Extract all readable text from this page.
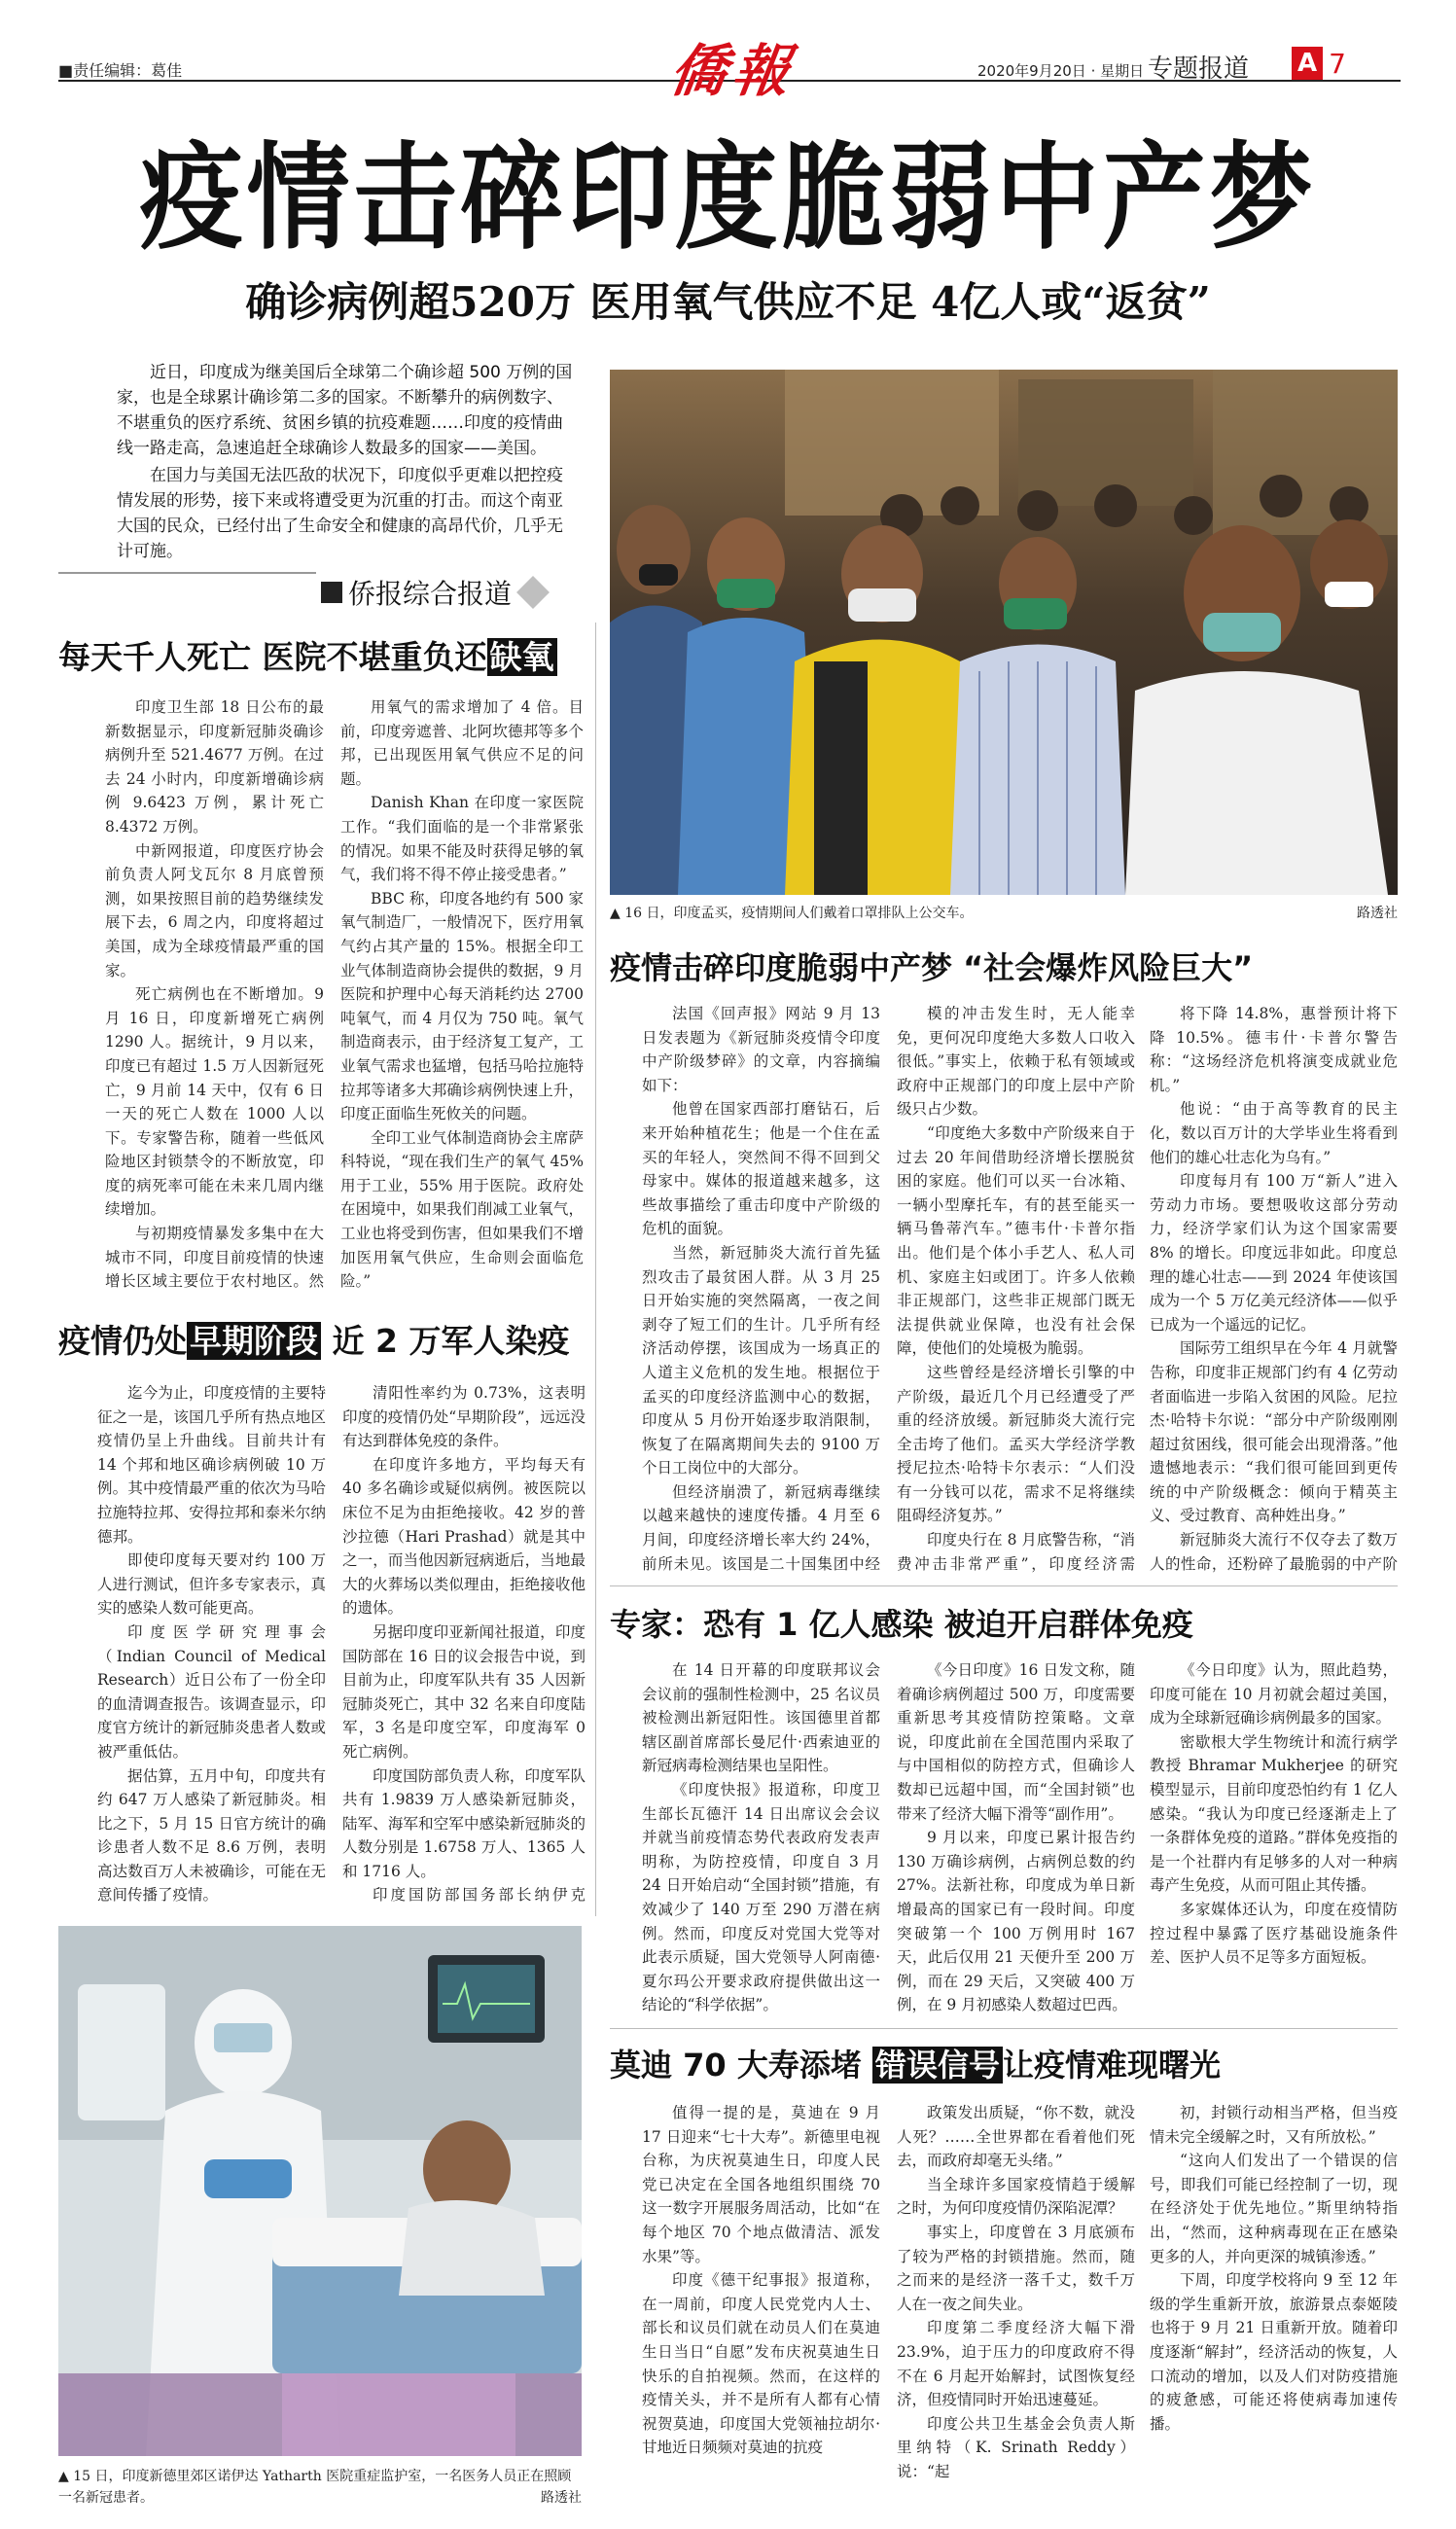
■责任编辑：葛佳	僑報	2020年9月20日 · 星期日 专题报道 A 7
疫情击碎印度脆弱中产梦
确诊病例超520万 医用氧气供应不足 4亿人或“返贫”

近日，印度成为继美国后全球第二个确诊超 500 万例的国家，也是全球累计确诊第二多的国家。不断攀升的病例数字、不堪重负的医疗系统、贫困乡镇的抗疫难题……印度的疫情曲线一路走高，急速追赶全球确诊人数最多的国家——美国。

在国力与美国无法匹敌的状况下，印度似乎更难以把控疫情发展的形势，接下来或将遭受更为沉重的打击。而这个南亚大国的民众，已经付出了生命安全和健康的高昂代价，几乎无计可施。

侨报综合报道
▲ 16 日，印度孟买，疫情期间人们戴着口罩排队上公交车。	路透社
每天千人死亡 医院不堪重负还缺氧

印度卫生部 18 日公布的最新数据显示，印度新冠肺炎确诊病例升至 521.4677 万例。在过去 24 小时内，印度新增确诊病例 9.6423 万例，累计死亡 8.4372 万例。

中新网报道，印度医疗协会前负责人阿戈瓦尔 8 月底曾预测，如果按照目前的趋势继续发展下去，6 周之内，印度将超过美国，成为全球疫情最严重的国家。

死亡病例也在不断增加。9 月 16 日，印度新增死亡病例 1290 人。据统计，9 月以来，印度已有超过 1.5 万人因新冠死亡，9 月前 14 天中，仅有 6 日一天的死亡人数在 1000 人以下。专家警告称，随着一些低风险地区封锁禁令的不断放宽，印度的病死率可能在未来几周内继续增加。

与初期疫情暴发多集中在大城市不同，印度目前疫情的快速增长区域主要位于农村地区。然

用氧气的需求增加了 4 倍。目前，印度旁遮普、北阿坎德邦等多个邦，已出现医用氧气供应不足的问题。

Danish Khan 在印度一家医院工作。“我们面临的是一个非常紧张的情况。如果不能及时获得足够的氧气，我们将不得不停止接受患者。”

BBC 称，印度各地约有 500 家氧气制造厂，一般情况下，医疗用氧气约占其产量的 15%。根据全印工业气体制造商协会提供的数据，9 月医院和护理中心每天消耗约达 2700 吨氧气，而 4 月仅为 750 吨。氧气制造商表示，由于经济复工复产，工业氧气需求也猛增，包括马哈拉施特拉邦等诸多大邦确诊病例快速上升，印度正面临生死攸关的问题。

全印工业气体制造商协会主席萨科特说，“现在我们生产的氧气 45% 用于工业，55% 用于医院。政府处在困境中，如果我们削减工业氧气，工业也将受到伤害，但如果我们不增加医用氧气供应，生命则会面临危险。”

疫情仍处早期阶段 近 2 万军人染疫

迄今为止，印度疫情的主要特征之一是，该国几乎所有热点地区疫情仍呈上升曲线。目前共计有 14 个邦和地区确诊病例破 10 万例。其中疫情最严重的依次为马哈拉施特拉邦、安得拉邦和泰米尔纳德邦。

即使印度每天要对约 100 万人进行测试，但许多专家表示，真实的感染人数可能更高。

印度医学研究理事会（Indian Council of Medical Research）近日公布了一份全印的血清调查报告。该调查显示，印度官方统计的新冠肺炎患者人数或被严重低估。

据估算，五月中旬，印度共有约 647 万人感染了新冠肺炎。相比之下，5 月 15 日官方统计的确诊患者人数不足 8.6 万例，表明高达数百万人未被确诊，可能在无意间传播了疫情。

清阳性率约为 0.73%，这表明印度的疫情仍处“早期阶段”，远远没有达到群体免疫的条件。

在印度许多地方，平均每天有 40 多名确诊或疑似病例。被医院以床位不足为由拒绝接收。42 岁的普沙拉德（Hari Prashad）就是其中之一，而当他因新冠病逝后，当地最大的火葬场以类似理由，拒绝接收他的遗体。

另据印度印亚新闻社报道，印度国防部在 16 日的议会报告中说，到目前为止，印度军队共有 35 人因新冠肺炎死亡，其中 32 名来自印度陆军，3 名是印度空军，印度海军 0 死亡病例。

印度国防部负责人称，印度军队共有 1.9839 万人感染新冠肺炎，陆军、海军和空军中感染新冠肺炎的人数分别是 1.6758 万人、1365 人和 1716 人。

印度国防部国务部长纳伊克

▲ 15 日，印度新德里郊区诺伊达 Yatharth 医院重症监护室，一名医务人员正在照顾一名新冠患者。	路透社
疫情击碎印度脆弱中产梦 “社会爆炸风险巨大”

法国《回声报》网站 9 月 13 日发表题为《新冠肺炎疫情令印度中产阶级梦碎》的文章，内容摘编如下：

他曾在国家西部打磨钻石，后来开始种植花生；他是一个住在孟买的年轻人，突然间不得不回到父母家中。媒体的报道越来越多，这些故事描绘了重击印度中产阶级的危机的面貌。

当然，新冠肺炎大流行首先猛烈攻击了最贫困人群。从 3 月 25 日开始实施的突然隔离，一夜之间剥夺了短工们的生计。几乎所有经济活动停摆，该国成为一场真正的人道主义危机的发生地。根据位于孟买的印度经济监测中心的数据，印度从 5 月份开始逐步取消限制，恢复了在隔离期间失去的 9100 万个日工岗位中的大部分。

但经济崩溃了，新冠病毒继续以越来越快的速度传播。4 月至 6 月间，印度经济增长率大约 24%，前所未见。该国是二十国集团中经

模的冲击发生时，无人能幸免，更何况印度绝大多数人口收入很低。”事实上，依赖于私有领域或政府中正规部门的印度上层中产阶级只占少数。

“印度绝大多数中产阶级来自于过去 20 年间借助经济增长摆脱贫困的家庭。他们可以买一台冰箱、一辆小型摩托车，有的甚至能买一辆马鲁蒂汽车。”德韦什·卡普尔指出。他们是个体小手艺人、私人司机、家庭主妇或团丁。许多人依赖非正规部门，这些非正规部门既无法提供就业保障，也没有社会保障，使他们的处境极为脆弱。

这些曾经是经济增长引擎的中产阶级，最近几个月已经遭受了严重的经济放缓。新冠肺炎大流行完全击垮了他们。孟买大学经济学教授尼拉杰·哈特卡尔表示：“人们没有一分钱可以花，需求不足将继续阻碍经济复苏。”

印度央行在 8 月底警告称，“消费冲击非常严重”，印度经济需

将下降 14.8%，惠誉预计将下降 10.5%。德韦什·卡普尔警告称：“这场经济危机将演变成就业危机。”

他说：“由于高等教育的民主化，数以百万计的大学毕业生将看到他们的雄心壮志化为乌有。”

印度每月有 100 万“新人”进入劳动力市场。要想吸收这部分劳动力，经济学家们认为这个国家需要 8% 的增长。印度远非如此。印度总理的雄心壮志——到 2024 年使该国成为一个 5 万亿美元经济体——似乎已成为一个遥远的记忆。

国际劳工组织早在今年 4 月就警告称，印度非正规部门约有 4 亿劳动者面临进一步陷入贫困的风险。尼拉杰·哈特卡尔说：“部分中产阶级刚刚超过贫困线，很可能会出现滑落。”他遗憾地表示：“我们很可能回到更传统的中产阶级概念：倾向于精英主义、受过教育、高种姓出身。”

新冠肺炎大流行不仅夺去了数万人的性命，还粉碎了最脆弱的中产阶

专家：恐有 1 亿人感染 被迫开启群体免疫

在 14 日开幕的印度联邦议会会议前的强制性检测中，25 名议员被检测出新冠阳性。该国德里首都辖区副首席部长曼尼什·西索迪亚的新冠病毒检测结果也呈阳性。

《印度快报》报道称，印度卫生部长瓦德汗 14 日出席议会会议并就当前疫情态势代表政府发表声明称，为防控疫情，印度自 3 月 24 日开始启动“全国封锁”措施，有效减少了 140 万至 290 万潜在病例。然而，印度反对党国大党等对此表示质疑，国大党领导人阿南德·夏尔玛公开要求政府提供做出这一结论的“科学依据”。

《今日印度》16 日发文称，随着确诊病例超过 500 万，印度需要重新思考其疫情防控策略。文章说，印度此前在全国范围内采取了与中国相似的防控方式，但确诊人数却已远超中国，而“全国封锁”也带来了经济大幅下滑等“副作用”。

9 月以来，印度已累计报告约 130 万确诊病例，占病例总数的约 27%。法新社称，印度成为单日新增最高的国家已有一段时间。印度突破第一个 100 万例用时 167 天，此后仅用 21 天便升至 200 万例，而在 29 天后，又突破 400 万例，在 9 月初感染人数超过巴西。

《今日印度》认为，照此趋势，印度可能在 10 月初就会超过美国，成为全球新冠确诊病例最多的国家。

密歇根大学生物统计和流行病学教授 Bhramar Mukherjee 的研究模型显示，目前印度恐怕约有 1 亿人感染。“我认为印度已经逐渐走上了一条群体免疫的道路。”群体免疫指的是一个社群内有足够多的人对一种病毒产生免疫，从而可阻止其传播。

多家媒体还认为，印度在疫情防控过程中暴露了医疗基础设施条件差、医护人员不足等多方面短板。

莫迪 70 大寿添堵 错误信号让疫情难现曙光

值得一提的是，莫迪在 9 月 17 日迎来“七十大寿”。新德里电视台称，为庆祝莫迪生日，印度人民党已决定在全国各地组织围绕 70 这一数字开展服务周活动，比如“在每个地区 70 个地点做清洁、派发水果”等。

印度《德干纪事报》报道称，在一周前，印度人民党党内人士、部长和议员们就在动员人们在莫迪生日当日“自愿”发布庆祝莫迪生日快乐的自拍视频。然而，在这样的疫情关头，并不是所有人都有心情祝贺莫迪，印度国大党领袖拉胡尔·甘地近日频频对莫迪的抗疫

政策发出质疑，“你不数，就没人死？……全世界都在看着他们死去，而政府却毫无头绪。”

当全球许多国家疫情趋于缓解之时，为何印度疫情仍深陷泥潭？

事实上，印度曾在 3 月底颁布了较为严格的封锁措施。然而，随之而来的是经济一落千丈，数千万人在一夜之间失业。

印度第二季度经济大幅下滑 23.9%，迫于压力的印度政府不得不在 6 月起开始解封，试图恢复经济，但疫情同时开始迅速蔓延。

印度公共卫生基金会负责人斯里纳特（K. Srinath Reddy）说：“起

初，封锁行动相当严格，但当疫情未完全缓解之时，又有所放松。”

“这向人们发出了一个错误的信号，即我们可能已经控制了一切，现在经济处于优先地位。”斯里纳特指出，“然而，这种病毒现在正在感染更多的人，并向更深的城镇渗透。”

下周，印度学校将向 9 至 12 年级的学生重新开放，旅游景点泰姬陵也将于 9 月 21 日重新开放。随着印度逐渐“解封”，经济活动的恢复，人口流动的增加，以及人们对防疫措施的疲惫感，可能还将使病毒加速传播。
